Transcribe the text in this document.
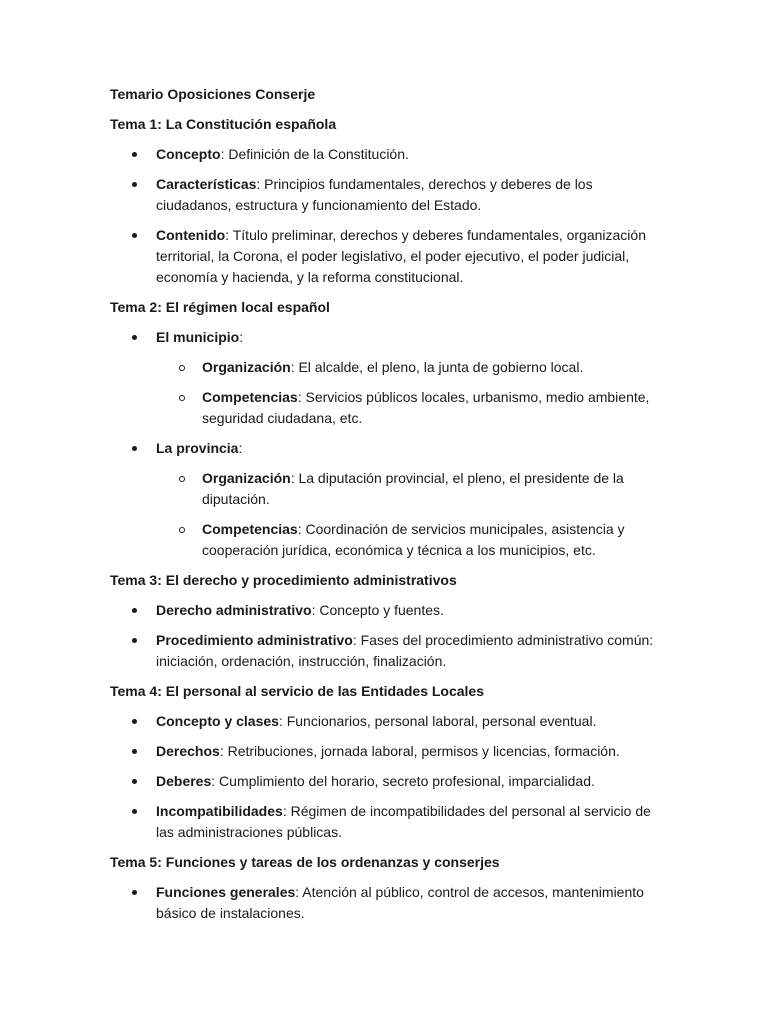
Temario Oposiciones Conserje
Tema 1: La Constitución española
Concepto: Definición de la Constitución.
Características: Principios fundamentales, derechos y deberes de los ciudadanos, estructura y funcionamiento del Estado.
Contenido: Título preliminar, derechos y deberes fundamentales, organización territorial, la Corona, el poder legislativo, el poder ejecutivo, el poder judicial, economía y hacienda, y la reforma constitucional.
Tema 2: El régimen local español
El municipio:
Organización: El alcalde, el pleno, la junta de gobierno local.
Competencias: Servicios públicos locales, urbanismo, medio ambiente, seguridad ciudadana, etc.
La provincia:
Organización: La diputación provincial, el pleno, el presidente de la diputación.
Competencias: Coordinación de servicios municipales, asistencia y cooperación jurídica, económica y técnica a los municipios, etc.
Tema 3: El derecho y procedimiento administrativos
Derecho administrativo: Concepto y fuentes.
Procedimiento administrativo: Fases del procedimiento administrativo común: iniciación, ordenación, instrucción, finalización.
Tema 4: El personal al servicio de las Entidades Locales
Concepto y clases: Funcionarios, personal laboral, personal eventual.
Derechos: Retribuciones, jornada laboral, permisos y licencias, formación.
Deberes: Cumplimiento del horario, secreto profesional, imparcialidad.
Incompatibilidades: Régimen de incompatibilidades del personal al servicio de las administraciones públicas.
Tema 5: Funciones y tareas de los ordenanzas y conserjes
Funciones generales: Atención al público, control de accesos, mantenimiento básico de instalaciones.
